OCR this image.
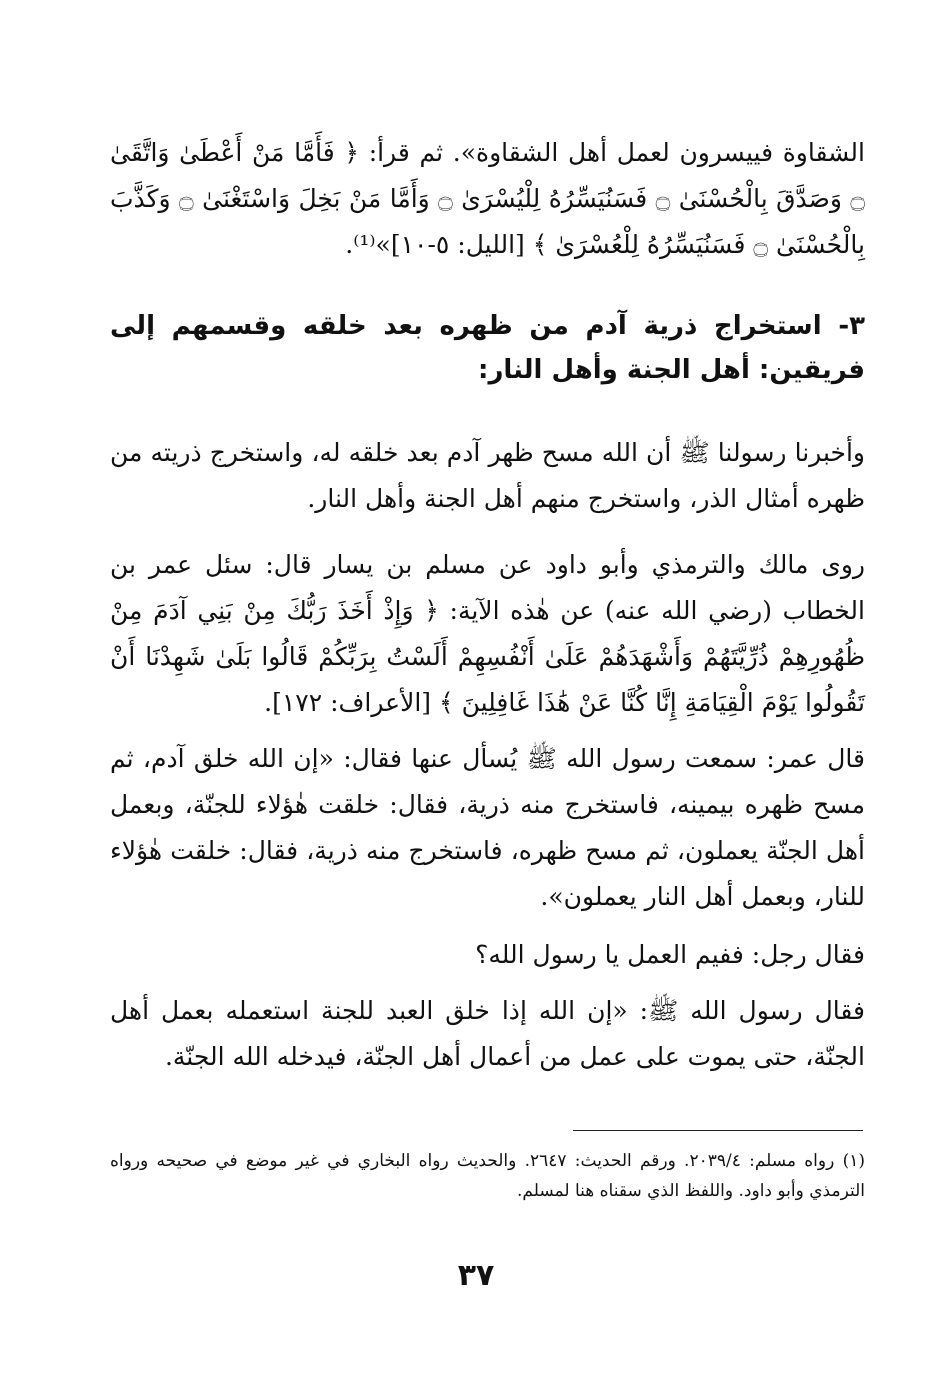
الشقاوة فييسرون لعمل أهل الشقاوة». ثم قرأ: ﴿ فَأَمَّا مَنْ أَعْطَىٰ وَاتَّقَىٰ ۝ وَصَدَّقَ بِالْحُسْنَىٰ ۝ فَسَنُيَسِّرُهُ لِلْيُسْرَىٰ ۝ وَأَمَّا مَنْ بَخِلَ وَاسْتَغْنَىٰ ۝ وَكَذَّبَ بِالْحُسْنَىٰ ۝ فَسَنُيَسِّرُهُ لِلْعُسْرَىٰ ﴾ [الليل: ٥-١٠]»⁽¹⁾.

٣- استخراج ذرية آدم من ظهره بعد خلقه وقسمهم إلى فريقين: أهل الجنة وأهل النار:

وأخبرنا رسولنا ﷺ أن الله مسح ظهر آدم بعد خلقه له، واستخرج ذريته من ظهره أمثال الذر، واستخرج منهم أهل الجنة وأهل النار.

روى مالك والترمذي وأبو داود عن مسلم بن يسار قال: سئل عمر بن الخطاب (رضي الله عنه) عن هٰذه الآية: ﴿ وَإِذْ أَخَذَ رَبُّكَ مِنْ بَنِي آدَمَ مِنْ ظُهُورِهِمْ ذُرِّيَّتَهُمْ وَأَشْهَدَهُمْ عَلَىٰ أَنْفُسِهِمْ أَلَسْتُ بِرَبِّكُمْ قَالُوا بَلَىٰ شَهِدْنَا أَنْ تَقُولُوا يَوْمَ الْقِيَامَةِ إِنَّا كُنَّا عَنْ هَٰذَا غَافِلِينَ ﴾ [الأعراف: ١٧٢].

قال عمر: سمعت رسول الله ﷺ يُسأل عنها فقال: «إن الله خلق آدم، ثم مسح ظهره بيمينه، فاستخرج منه ذرية، فقال: خلقت هٰؤلاء للجنّة، وبعمل أهل الجنّة يعملون، ثم مسح ظهره، فاستخرج منه ذرية، فقال: خلقت هٰؤلاء للنار، وبعمل أهل النار يعملون».

فقال رجل: ففيم العمل يا رسول الله؟

فقال رسول الله ﷺ: «إن الله إذا خلق العبد للجنة استعمله بعمل أهل الجنّة، حتى يموت على عمل من أعمال أهل الجنّة، فيدخله الله الجنّة.

(١) رواه مسلم: ٢٠٣٩/٤. ورقم الحديث: ٢٦٤٧. والحديث رواه البخاري في غير موضع في صحيحه ورواه الترمذي وأبو داود. واللفظ الذي سقناه هنا لمسلم.

٣٧
